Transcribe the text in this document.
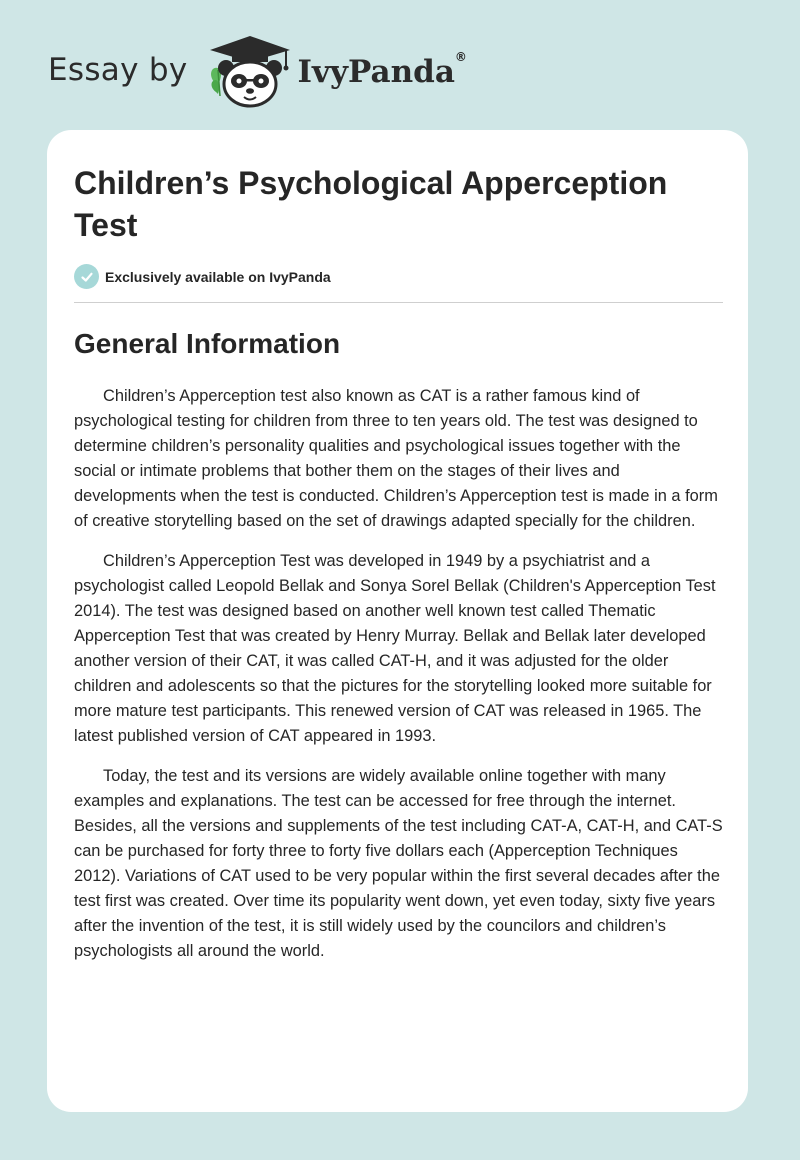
Essay by	IvyPanda®
Children’s Psychological Apperception Test
Exclusively available on IvyPanda
General Information

Children’s Apperception test also known as CAT is a rather famous kind of psychological testing for children from three to ten years old. The test was designed to determine children’s personality qualities and psychological issues together with the social or intimate problems that bother them on the stages of their lives and developments when the test is conducted. Children’s Apperception test is made in a form of creative storytelling based on the set of drawings adapted specially for the children.

Children’s Apperception Test was developed in 1949 by a psychiatrist and a psychologist called Leopold Bellak and Sonya Sorel Bellak (Children's Apperception Test 2014). The test was designed based on another well known test called Thematic Apperception Test that was created by Henry Murray. Bellak and Bellak later developed another version of their CAT, it was called CAT-H, and it was adjusted for the older children and adolescents so that the pictures for the storytelling looked more suitable for more mature test participants. This renewed version of CAT was released in 1965. The latest published version of CAT appeared in 1993.

Today, the test and its versions are widely available online together with many examples and explanations. The test can be accessed for free through the internet. Besides, all the versions and supplements of the test including CAT-A, CAT-H, and CAT-S can be purchased for forty three to forty five dollars each (Apperception Techniques 2012). Variations of CAT used to be very popular within the first several decades after the test first was created. Over time its popularity went down, yet even today, sixty five years after the invention of the test, it is still widely used by the councilors and children’s psychologists all around the world.
